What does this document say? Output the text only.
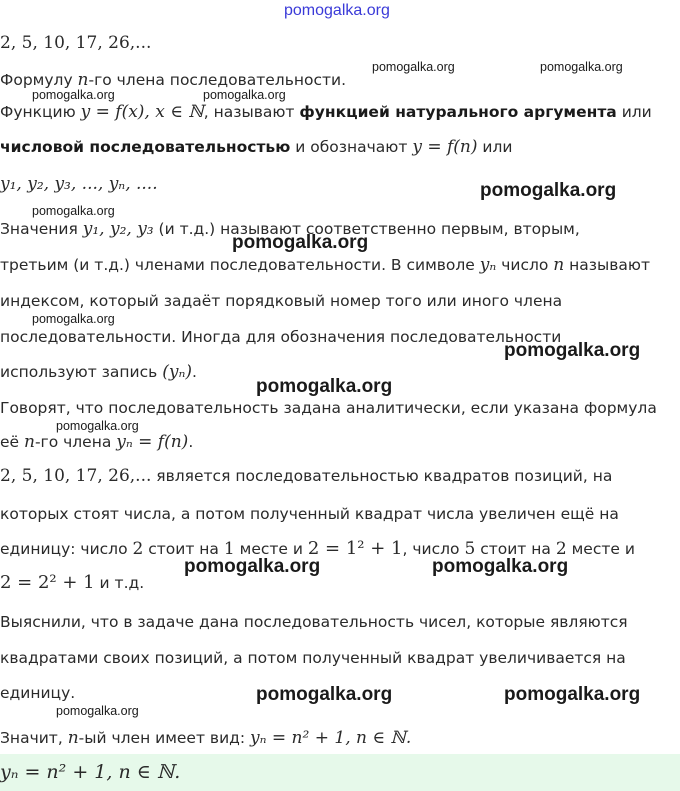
pomogalka.org
2, 5, 10, 17, 26,...
Формулу n-го члена последовательности.
Функцию y = f(x), x ∈ ℕ, называют функцией натурального аргумента или
числовой последовательностью и обозначают y = f(n) или
y₁, y₂, y₃, ..., yₙ, ....
Значения y₁, y₂, y₃ (и т.д.) называют соответственно первым, вторым,
третьим (и т.д.) членами последовательности. В символе yₙ число n называют
индексом, который задаёт порядковый номер того или иного члена
последовательности. Иногда для обозначения последовательности
используют запись (yₙ).
Говорят, что последовательность задана аналитически, если указана формула
её n-го члена yₙ = f(n).
2, 5, 10, 17, 26,... является последовательностью квадратов позиций, на
которых стоят числа, а потом полученный квадрат числа увеличен ещё на
единицу: число 2 стоит на 1 месте и 2 = 1² + 1, число 5 стоит на 2 месте и
2 = 2² + 1 и т.д.
Выяснили, что в задаче дана последовательность чисел, которые являются
квадратами своих позиций, а потом полученный квадрат увеличивается на
единицу.
Значит, n-ый член имеет вид: yₙ = n² + 1, n ∈ ℕ.
yₙ = n² + 1, n ∈ ℕ.
pomogalka.org	pomogalka.org
pomogalka.org	pomogalka.org
pomogalka.org
pomogalka.org
pomogalka.org
pomogalka.org
pomogalka.org
pomogalka.org
pomogalka.org
pomogalka.org	pomogalka.org
pomogalka.org	pomogalka.org
pomogalka.org
